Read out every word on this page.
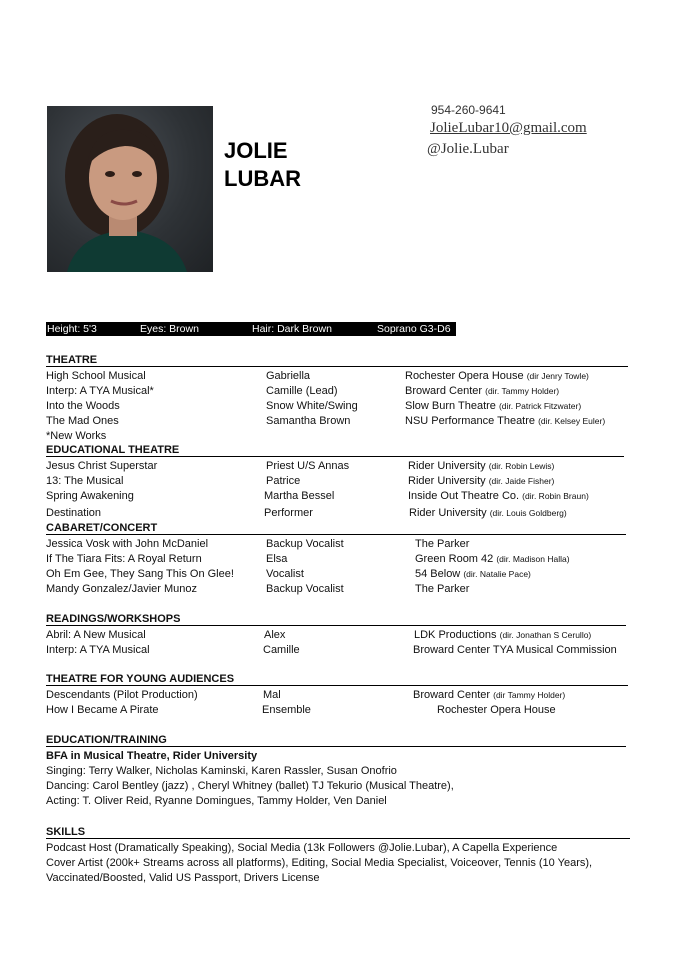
JOLIE
LUBAR
954-260-9641
JolieLubar10@gmail.com
@Jolie.Lubar
Height: 5'3	Eyes: Brown	Hair: Dark Brown	Soprano G3-D6
THEATRE
High School Musical	Gabriella	Rochester Opera House (dir Jenry Towle)
Interp: A TYA Musical*	Camille (Lead)	Broward Center (dir. Tammy Holder)
Into the Woods	Snow White/Swing	Slow Burn Theatre (dir. Patrick Fitzwater)
The Mad Ones	Samantha Brown	NSU Performance Theatre (dir. Kelsey Euler)
*New Works
EDUCATIONAL THEATRE
Jesus Christ Superstar	Priest U/S Annas	Rider University (dir. Robin Lewis)
13: The Musical	Patrice	Rider University (dir. Jaide Fisher)
Spring Awakening	Martha Bessel	Inside Out Theatre Co. (dir. Robin Braun)
Destination	Performer	Rider University (dir. Louis Goldberg)
CABARET/CONCERT
Jessica Vosk with John McDaniel	Backup Vocalist	The Parker
If The Tiara Fits: A Royal Return	Elsa	Green Room 42 (dir. Madison Halla)
Oh Em Gee, They Sang This On Glee!	Vocalist	54 Below (dir. Natalie Pace)
Mandy Gonzalez/Javier Munoz	Backup Vocalist	The Parker
READINGS/WORKSHOPS
Abril: A New Musical	Alex	LDK Productions (dir. Jonathan S Cerullo)
Interp: A TYA Musical	Camille	Broward Center TYA Musical Commission
THEATRE FOR YOUNG AUDIENCES
Descendants (Pilot Production)	Mal	Broward Center (dir Tammy Holder)
How I Became A Pirate	Ensemble	Rochester Opera House
EDUCATION/TRAINING
BFA in Musical Theatre, Rider University
Singing: Terry Walker, Nicholas Kaminski, Karen Rassler, Susan Onofrio
Dancing: Carol Bentley (jazz) , Cheryl Whitney (ballet) TJ Tekurio (Musical Theatre),
Acting: T. Oliver Reid, Ryanne Domingues, Tammy Holder, Ven Daniel
SKILLS
Podcast Host (Dramatically Speaking), Social Media (13k Followers @Jolie.Lubar), A Capella Experience
Cover Artist (200k+ Streams across all platforms), Editing, Social Media Specialist, Voiceover, Tennis (10 Years),
Vaccinated/Boosted, Valid US Passport, Drivers License
